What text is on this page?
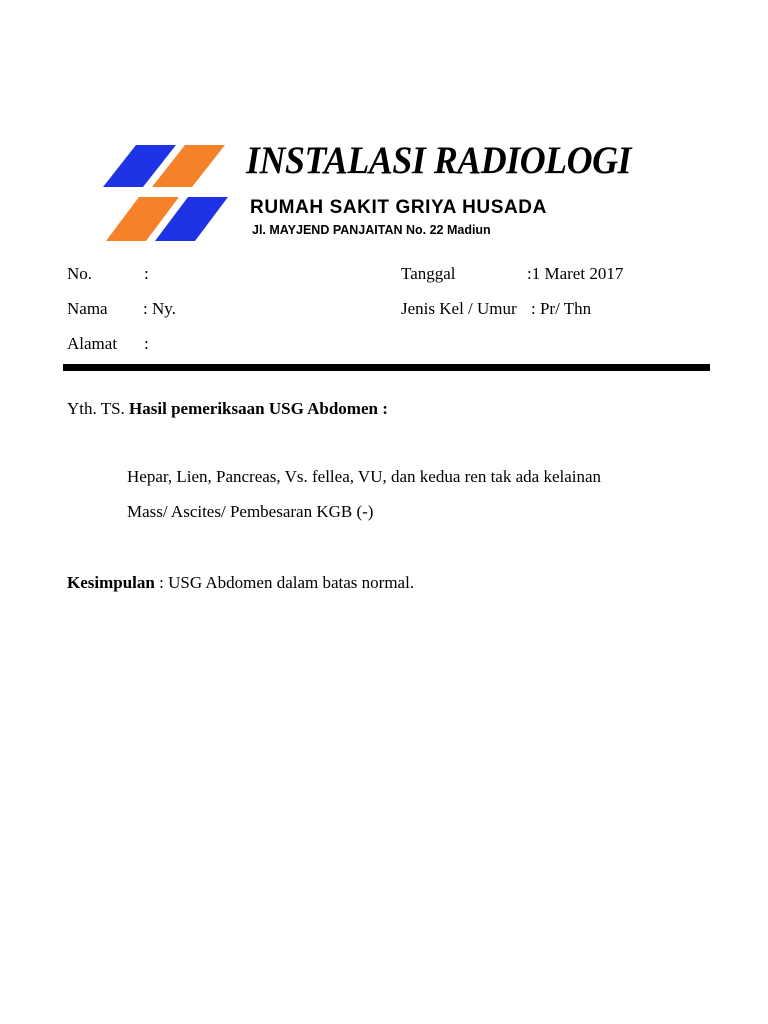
INSTALASI RADIOLOGI
RUMAH SAKIT GRIYA HUSADA
Jl. MAYJEND PANJAITAN No. 22 Madiun
No.	:	Tanggal	:1 Maret 2017
Nama : Ny.	Jenis Kel / Umur : Pr/ Thn
Alamat :
Yth. TS. Hasil pemeriksaan USG Abdomen :
Hepar, Lien, Pancreas, Vs. fellea, VU, dan kedua ren tak ada kelainan
Mass/ Ascites/ Pembesaran KGB (-)
Kesimpulan : USG Abdomen dalam batas normal.
